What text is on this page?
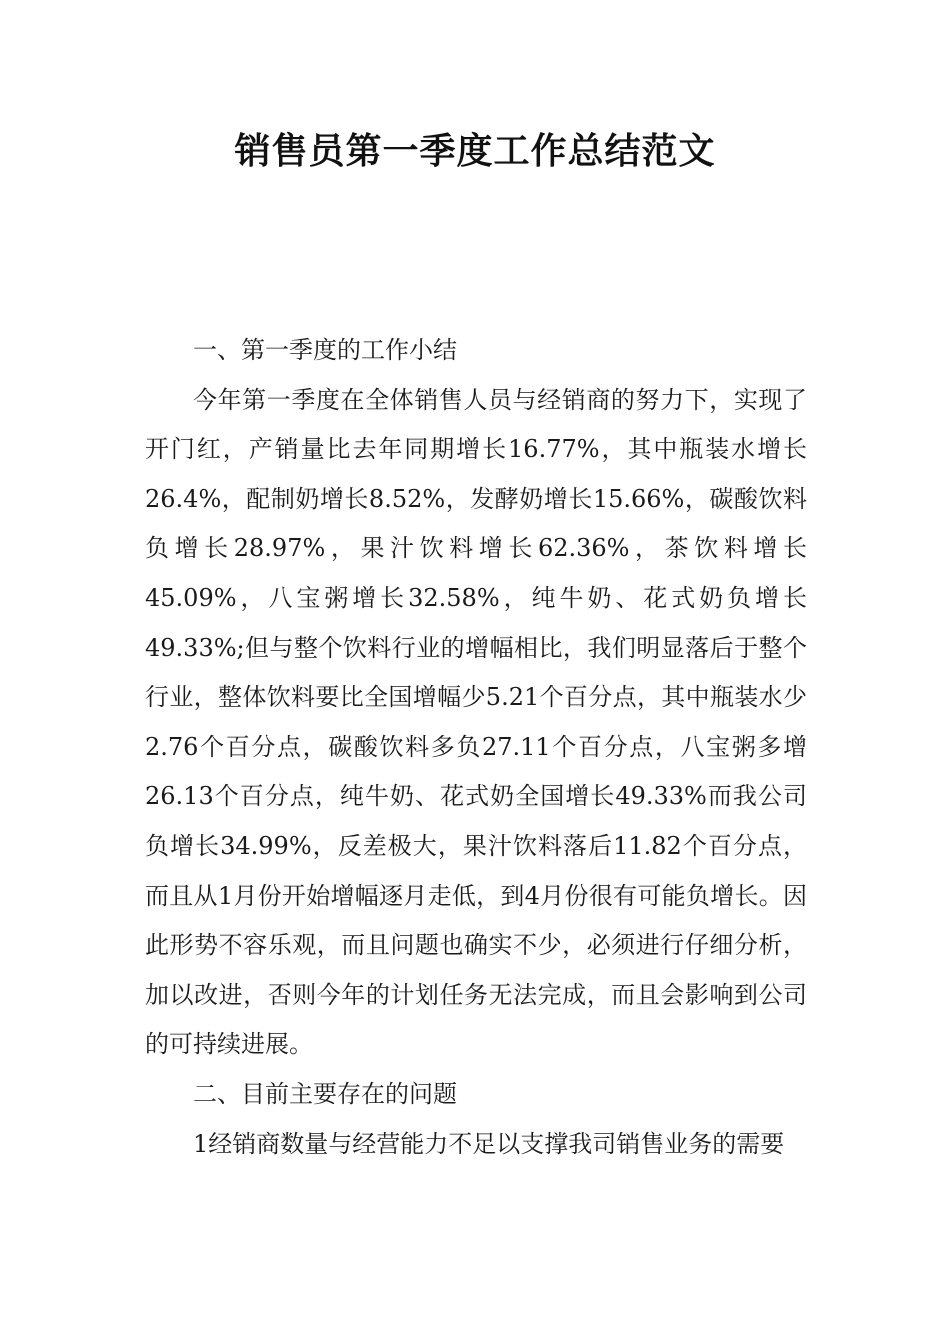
销售员第一季度工作总结范文

一、第一季度的工作小结

今年第一季度在全体销售人员与经销商的努力下，实现了开门红，产销量比去年同期增长16.77%，其中瓶装水增长26.4%，配制奶增长8.52%，发酵奶增长15.66%，碳酸饮料负增长28.97%，果汁饮料增长62.36%，茶饮料增长45.09%，八宝粥增长32.58%，纯牛奶、花式奶负增长49.33%;但与整个饮料行业的增幅相比，我们明显落后于整个行业，整体饮料要比全国增幅少5.21个百分点，其中瓶装水少2.76个百分点，碳酸饮料多负27.11个百分点，八宝粥多增26.13个百分点，纯牛奶、花式奶全国增长49.33%而我公司负增长34.99%，反差极大，果汁饮料落后11.82个百分点，而且从1月份开始增幅逐月走低，到4月份很有可能负增长。因此形势不容乐观，而且问题也确实不少，必须进行仔细分析，加以改进，否则今年的计划任务无法完成，而且会影响到公司的可持续进展。

二、目前主要存在的问题

1经销商数量与经营能力不足以支撑我司销售业务的需要
